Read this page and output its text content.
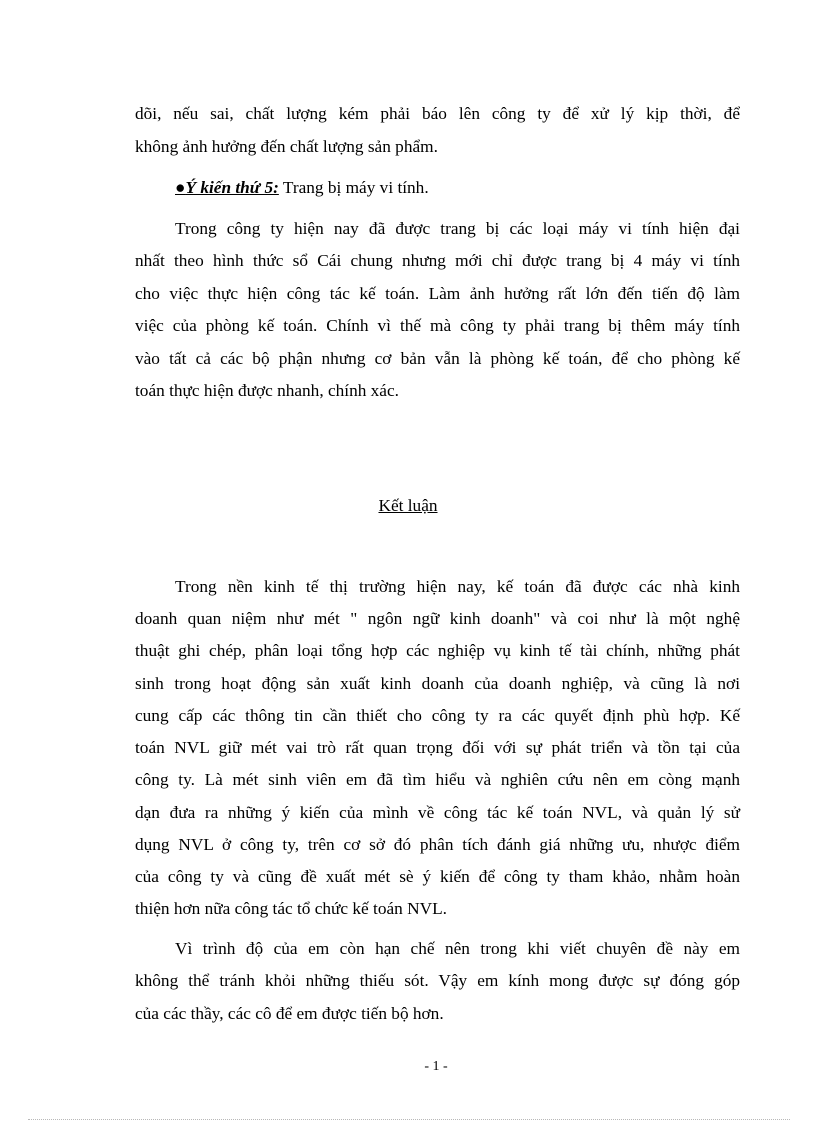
dõi, nếu sai, chất lượng kém phải báo lên công ty để xử lý kịp thời, để
không ảnh hưởng đến chất lượng sản phẩm.
●Ý kiến thứ 5: Trang bị máy vi tính.
Trong công ty hiện nay đã được trang bị các loại máy vi tính hiện đại
nhất theo hình thức sổ Cái chung nhưng mới chỉ được trang bị 4 máy vi tính
cho việc thực hiện công tác kế toán. Làm ảnh hưởng rất lớn đến tiến độ làm
việc của phòng kế toán. Chính vì thế mà công ty phải trang bị thêm máy tính
vào tất cả các bộ phận nhưng cơ bản vẫn là phòng kế toán, để cho phòng kế
toán thực hiện được nhanh, chính xác.
Kết luận
Trong nền kinh tế thị trường hiện nay, kế toán đã được các nhà kinh
doanh quan niệm như mét " ngôn ngữ kinh doanh" và coi như là một nghệ
thuật ghi chép, phân loại tổng hợp các nghiệp vụ kinh tế tài chính, những phát
sinh trong hoạt động sản xuất kinh doanh của doanh nghiệp, và cũng là nơi
cung cấp các thông tin cần thiết cho công ty ra các quyết định phù hợp. Kế
toán NVL giữ mét vai trò rất quan trọng đối với sự phát triển và tồn tại của
công ty. Là mét sinh viên em đã tìm hiểu và nghiên cứu nên em còng mạnh
dạn đưa ra những ý kiến của mình về công tác kế toán NVL, và quản lý sử
dụng NVL ở công ty, trên cơ sở đó phân tích đánh giá những ưu, nhược điểm
của công ty và cũng đề xuất mét sè ý kiến để công ty tham khảo, nhằm hoàn
thiện hơn nữa công tác tổ chức kế toán NVL.
Vì trình độ của em còn hạn chế nên trong khi viết chuyên đề này em
không thể tránh khỏi những thiếu sót. Vậy em kính mong được sự đóng góp
của các thầy, các cô để em được tiến bộ hơn.
- 1 -
